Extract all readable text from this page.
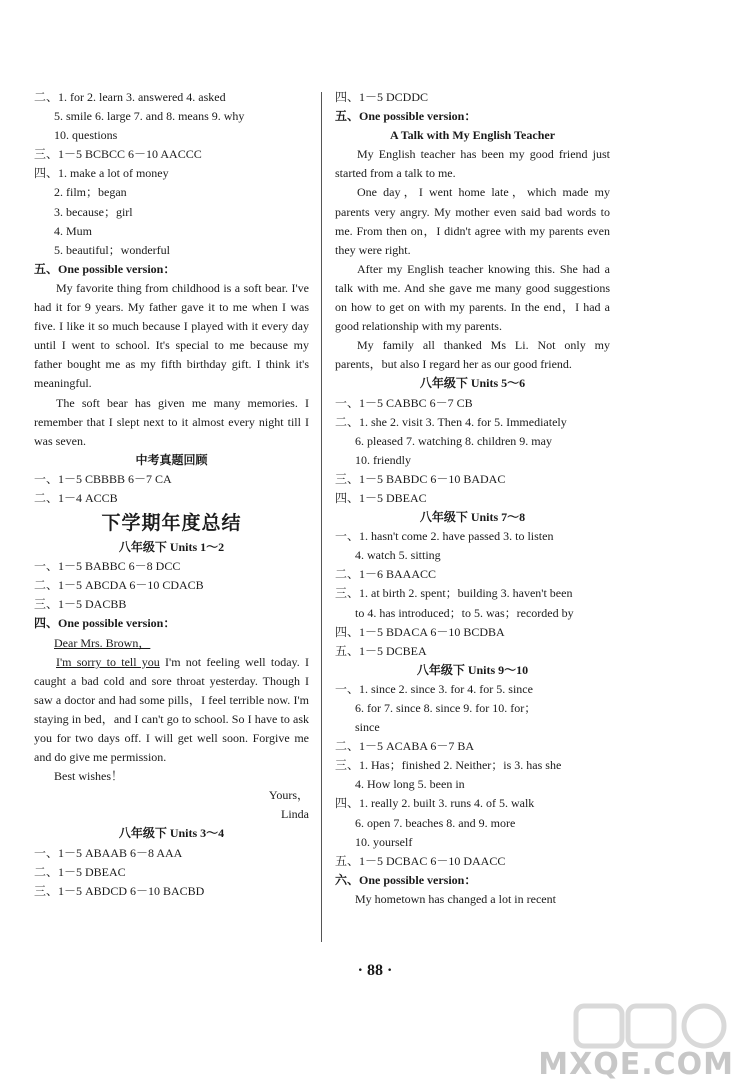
二、1. for 2. learn 3. answered 4. asked
5. smile 6. large 7. and 8. means 9. why
10. questions
三、1－5 BCBCC 6－10 AACCC
四、1. make a lot of money
2. film；began
3. because；girl
4. Mum
5. beautiful；wonderful
五、One possible version：
My favorite thing from childhood is a soft bear. I've had it for 9 years. My father gave it to me when I was five. I like it so much because I played with it every day until I went to school. It's special to me because my father bought me as my fifth birthday gift. I think it's meaningful.
The soft bear has given me many memories. I remember that I slept next to it almost every night till I was seven.
中考真题回顾
一、1－5 CBBBB 6－7 CA
二、1－4 ACCB
下学期年度总结
八年级下 Units 1～2
一、1－5 BABBC 6－8 DCC
二、1－5 ABCDA 6－10 CDACB
三、1－5 DACBB
四、One possible version：
Dear Mrs. Brown，
I'm sorry to tell you I'm not feeling well today. I caught a bad cold and sore throat yesterday. Though I saw a doctor and had some pills，I feel terrible now. I'm staying in bed，and I can't go to school. So I have to ask you for two days off. I will get well soon. Forgive me and do give me permission.
Best wishes！
Yours，
Linda
八年级下 Units 3～4
一、1－5 ABAAB 6－8 AAA
二、1－5 DBEAC
三、1－5 ABDCD 6－10 BACBD
四、1－5 DCDDC
五、One possible version：
A Talk with My English Teacher
My English teacher has been my good friend just started from a talk to me.
One day，I went home late，which made my parents very angry. My mother even said bad words to me. From then on，I didn't agree with my parents even they were right.
After my English teacher knowing this. She had a talk with me. And she gave me many good suggestions on how to get on with my parents. In the end，I had a good relationship with my parents.
My family all thanked Ms Li. Not only my parents，but also I regard her as our good friend.
八年级下 Units 5～6
一、1－5 CABBC 6－7 CB
二、1. she 2. visit 3. Then 4. for 5. Immediately
6. pleased 7. watching 8. children 9. may
10. friendly
三、1－5 BABDC 6－10 BADAC
四、1－5 DBEAC
八年级下 Units 7～8
一、1. hasn't come 2. have passed 3. to listen
4. watch 5. sitting
二、1－6 BAAACC
三、1. at birth 2. spent；building 3. haven't been
to 4. has introduced；to 5. was；recorded by
四、1－5 BDACA 6－10 BCDBA
五、1－5 DCBEA
八年级下 Units 9～10
一、1. since 2. since 3. for 4. for 5. since
6. for 7. since 8. since 9. for 10. for；
since
二、1－5 ACABA 6－7 BA
三、1. Has；finished 2. Neither；is 3. has she
4. How long 5. been in
四、1. really 2. built 3. runs 4. of 5. walk
6. open 7. beaches 8. and 9. more
10. yourself
五、1－5 DCBAC 6－10 DAACC
六、One possible version：
My hometown has changed a lot in recent
· 88 ·
MXQE.COM
